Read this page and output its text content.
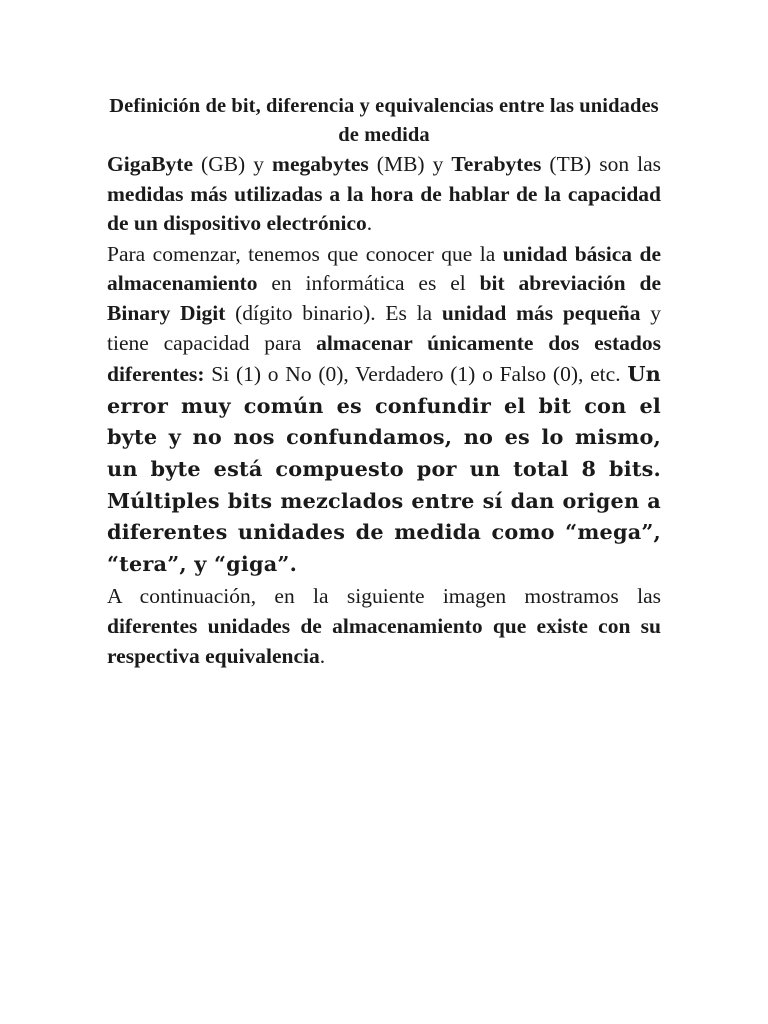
Definición de bit, diferencia y equivalencias entre las unidades de medida

GigaByte (GB) y megabytes (MB) y Terabytes (TB) son las medidas más utilizadas a la hora de hablar de la capacidad de un dispositivo electrónico.

Para comenzar, tenemos que conocer que la unidad básica de almacenamiento en informática es el bit abreviación de Binary Digit (dígito binario). Es la unidad más pequeña y tiene capacidad para almacenar únicamente dos estados diferentes: Si (1) o No (0), Verdadero (1) o Falso (0), etc. Un error muy común es confundir el bit con el byte y no nos confundamos, no es lo mismo, un byte está compuesto por un total 8 bits. Múltiples bits mezclados entre sí dan origen a diferentes unidades de medida como “mega”, “tera”, y “giga”.

A continuación, en la siguiente imagen mostramos las diferentes unidades de almacenamiento que existe con su respectiva equivalencia.
